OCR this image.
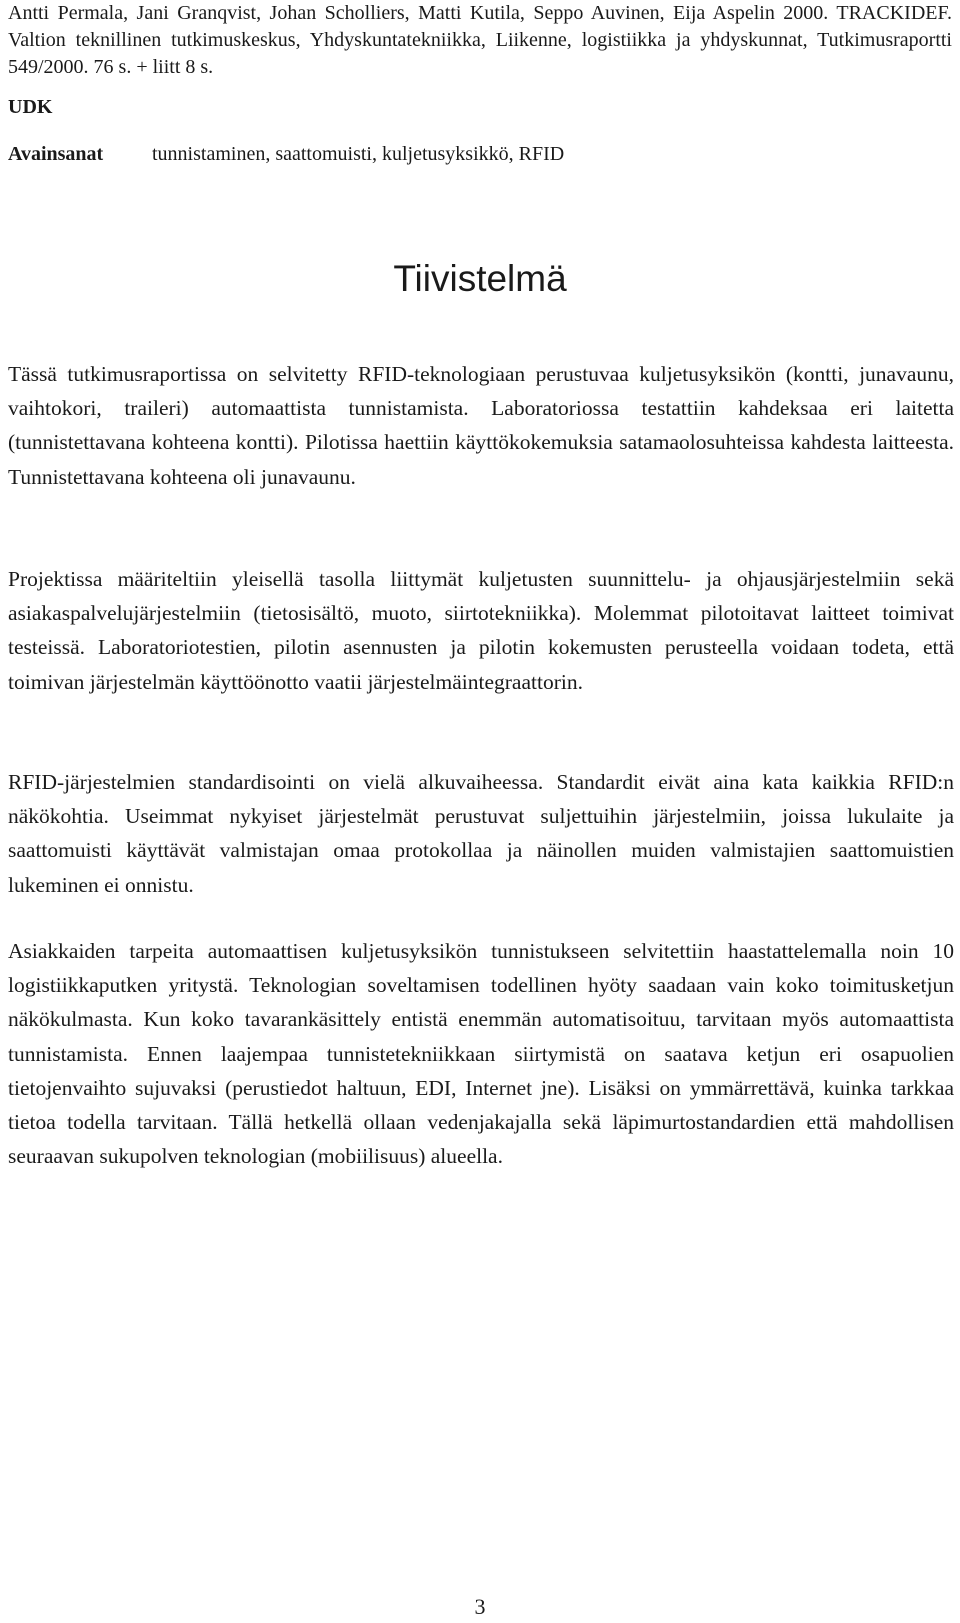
Antti Permala, Jani Granqvist, Johan Scholliers, Matti Kutila, Seppo Auvinen, Eija Aspelin 2000. TRACKIDEF. Valtion teknillinen tutkimuskeskus, Yhdyskuntatekniikka, Liikenne, logistiikka ja yhdyskunnat, Tutkimusraportti 549/2000. 76 s. + liitt 8 s.
UDK
Avainsanat tunnistaminen, saattomuisti, kuljetusyksikkö, RFID
Tiivistelmä

Tässä tutkimusraportissa on selvitetty RFID-teknologiaan perustuvaa kuljetusyksikön (kontti, junavaunu, vaihtokori, traileri) automaattista tunnistamista. Laboratoriossa testattiin kahdeksaa eri laitetta (tunnistettavana kohteena kontti). Pilotissa haettiin käyttökokemuksia satamaolosuhteissa kahdesta laitteesta. Tunnistettavana kohteena oli junavaunu.

Projektissa määriteltiin yleisellä tasolla liittymät kuljetusten suunnittelu- ja ohjausjärjestelmiin sekä asiakaspalvelujärjestelmiin (tietosisältö, muoto, siirtotekniikka). Molemmat pilotoitavat laitteet toimivat testeissä. Laboratoriotestien, pilotin asennusten ja pilotin kokemusten perusteella voidaan todeta, että toimivan järjestelmän käyttöönotto vaatii järjestelmäintegraattorin.

RFID-järjestelmien standardisointi on vielä alkuvaiheessa. Standardit eivät aina kata kaikkia RFID:n näkökohtia. Useimmat nykyiset järjestelmät perustuvat suljettuihin järjestelmiin, joissa lukulaite ja saattomuisti käyttävät valmistajan omaa protokollaa ja näinollen muiden valmistajien saattomuistien lukeminen ei onnistu.

Asiakkaiden tarpeita automaattisen kuljetusyksikön tunnistukseen selvitettiin haastattelemalla noin 10 logistiikkaputken yritystä. Teknologian soveltamisen todellinen hyöty saadaan vain koko toimitusketjun näkökulmasta. Kun koko tavarankäsittely entistä enemmän automatisoituu, tarvitaan myös automaattista tunnistamista. Ennen laajempaa tunnistetekniikkaan siirtymistä on saatava ketjun eri osapuolien tietojenvaihto sujuvaksi (perustiedot haltuun, EDI, Internet jne). Lisäksi on ymmärrettävä, kuinka tarkkaa tietoa todella tarvitaan. Tällä hetkellä ollaan vedenjakajalla sekä läpimurtostandardien että mahdollisen seuraavan sukupolven teknologian (mobiilisuus) alueella.

3
